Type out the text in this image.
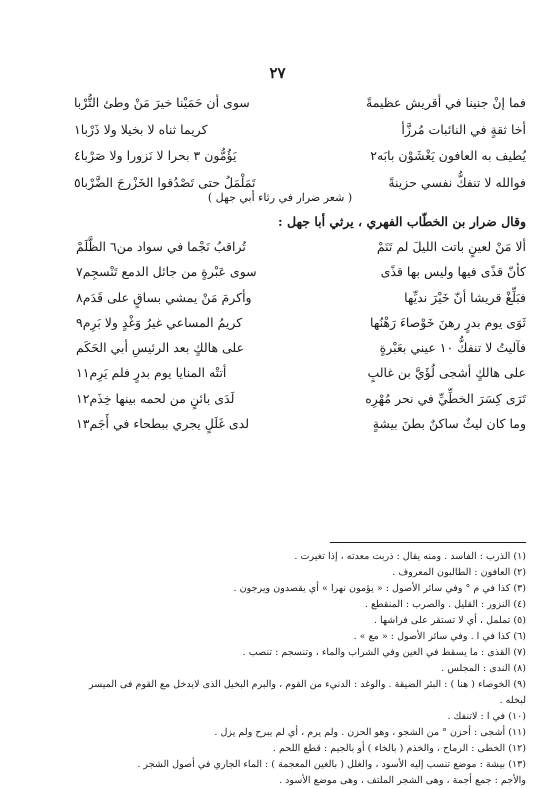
٢٧
فما إنْ جنينا في أقريش عظيمةً
سوى أن حَمَيْنا خيرَ مَنْ وطئ التُّرْبا
أخا ثقةٍ في النائبات مُرزَّأ
كريما ثناه لا بخيلا ولا ذَرْبا١
يُطيف به العافون يَغْشَوْن بابَه٢
يَؤُمُّون ٣ بحرا لا نَزورا ولا صَرْبا٤
فوالله لا تنفكُّ نفسي حزينةً
تَمَلْمَلُ حتى تَصْدُقوا الخَزْرجَ الضَّرْبا٥
( شعر ضرار في رثاء أبي جهل )
وقال ضرار بن الخطّاب الفهري ، يرثي أبا جهل :
ألا مَنْ لعينٍ باتت الليلَ لم تَنَمْ
تُراقبُ نَجْما في سواد من٦ الظَّلَمْ
كأنّ قذًى فيها وليس بها قذًى
سوى عَبْرةٍ من جائل الدمع تَنْسجِم٧
فبَلِّغْ قريشا أنّ خَيْرَ نديِّها
وأكرمَ مَنْ يمشي بساقٍ على قَدَم٨
ثَوَى يوم بدرٍ رهنَ خَوْصاءَ رَهْنُها
كريمُ المساعي غيرُ وَغْدٍ ولا بَرِم٩
فآليتُ لا تنفكُّ ١٠ عيني بعَبْرةٍ
على هالكٍ بعد الرئيسِ أبي الحَكَم
على هالكٍ أشجى لُؤَيَّ بن غالبٍ
أتتْه المنايا يوم بدرٍ فلم يَرِم١١
تَرَى كِسَرَ الخطِّيِّ في نحر مُهْرِه
لَدَى بائنٍ من لحمه بينها خِذَم١٢
وما كان ليثٌ ساكنٌ بطنَ بيشةٍ
لدى غَلَلٍ يجري ببطحاء في أَجَم١٣
(١) الذرب : الفاسد . ومنه يقال : ذربت معدته ، إذا تغيرت .
(٢) العافون : الطالبون المعروف .
(٣) كذا في م ° وفي سائر الأصول : « يؤمون نهرا » أي يقصدون ويرجون .
(٤) النزور : القليل . والصرب : المنقطع .
(٥) تململ ، أي لا تستقر على فراشها .
(٦) كذا في ا . وفي سائر الأصول : « مع » .
(٧) القذى : ما يسقط في العين وفي الشراب والماء ، وتنسجم : تنصب .
(٨) الندى : المجلس .
(٩) الخوصاء ( هنا ) : البئر الضيقة . والوغد : الدنيء من القوم ، والبرم البخيل الذى لايدخل مع القوم فى الميسر لبخله .
(١٠) في ا : لاتنفك .
(١١) أشجى : أحزن ° من الشجو ، وهو الحزن . ولم يرم ، أي لم يبرح ولم يزل .
(١٢) الخطى : الرماح ، والخذم ( بالخاء ) أو بالجيم : قطع اللحم .
(١٣) بيشة : موضع تنسب إليه الأسود ، والغلل ( بالغين المعجمة ) : الماء الجاري في أصول الشجر .
والأجم : جمع أجمة ، وهى الشجر الملتف ، وهى موضع الأسود .
